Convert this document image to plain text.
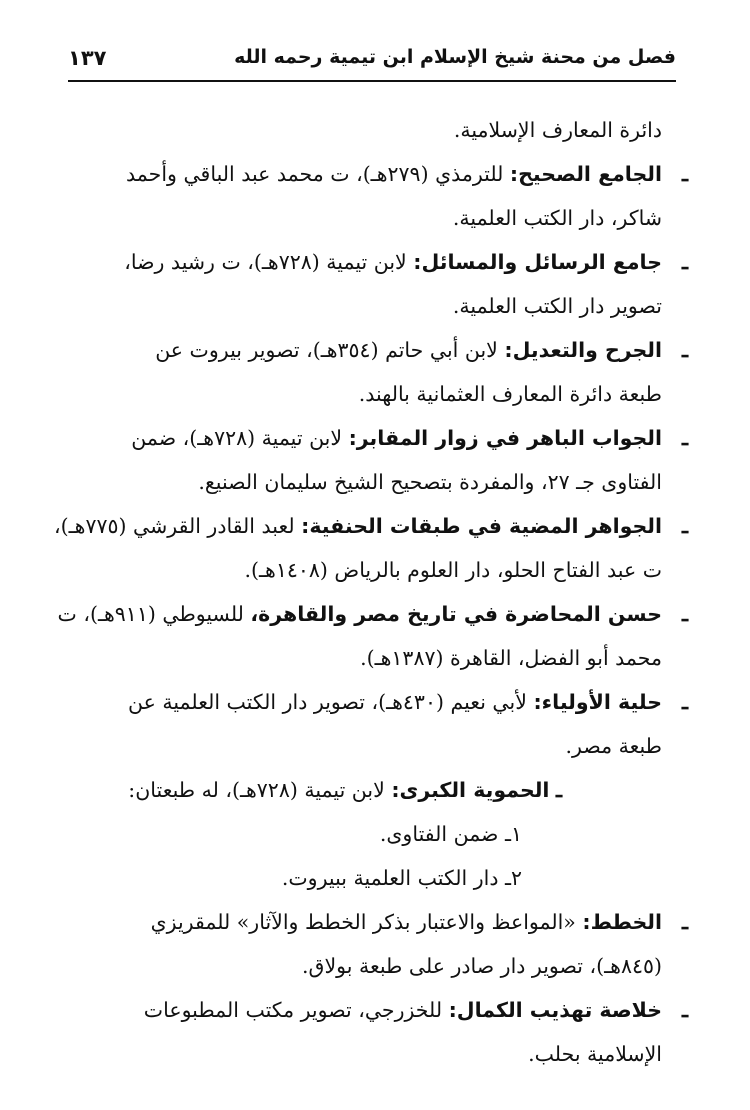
فصل من محنة شيخ الإسلام ابن تيمية رحمه الله
١٣٧
دائرة المعارف الإسلامية.
ـ
الجامع الصحيح: للترمذي (٢٧٩هـ)، ت محمد عبد الباقي وأحمد
شاكر، دار الكتب العلمية.
ـ
جامع الرسائل والمسائل: لابن تيمية (٧٢٨هـ)، ت رشيد رضا،
تصوير دار الكتب العلمية.
ـ
الجرح والتعديل: لابن أبي حاتم (٣٥٤هـ)، تصوير بيروت عن
طبعة دائرة المعارف العثمانية بالهند.
ـ
الجواب الباهر في زوار المقابر: لابن تيمية (٧٢٨هـ)، ضمن
الفتاوى جـ ٢٧، والمفردة بتصحيح الشيخ سليمان الصنيع.
ـ
الجواهر المضية في طبقات الحنفية: لعبد القادر القرشي (٧٧٥هـ)،
ت عبد الفتاح الحلو، دار العلوم بالرياض (١٤٠٨هـ).
ـ
حسن المحاضرة في تاريخ مصر والقاهرة، للسيوطي (٩١١هـ)، ت
محمد أبو الفضل، القاهرة (١٣٨٧هـ).
ـ
حلية الأولياء: لأبي نعيم (٤٣٠هـ)، تصوير دار الكتب العلمية عن
طبعة مصر.
ـ الحموية الكبرى: لابن تيمية (٧٢٨هـ)، له طبعتان:
١ـ ضمن الفتاوى.
٢ـ دار الكتب العلمية ببيروت.
ـ
الخطط: «المواعظ والاعتبار بذكر الخطط والآثار» للمقريزي
(٨٤٥هـ)، تصوير دار صادر على طبعة بولاق.
ـ
خلاصة تهذيب الكمال: للخزرجي، تصوير مكتب المطبوعات
الإسلامية بحلب.
